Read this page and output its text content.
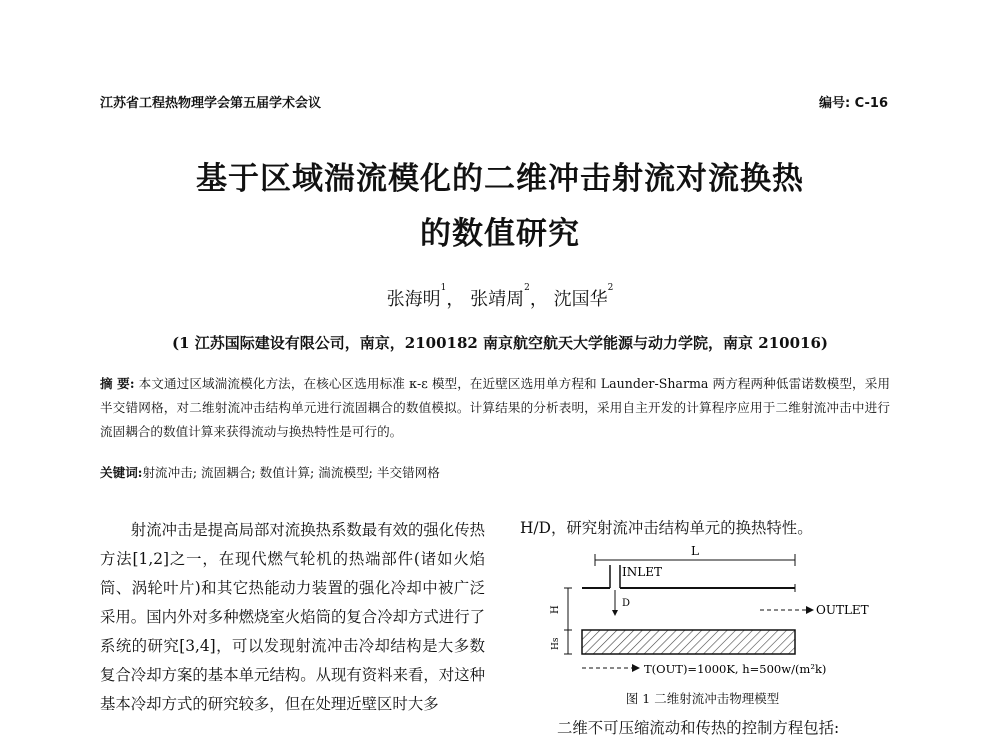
江苏省工程热物理学会第五届学术会议	编号: C-16
基于区域湍流模化的二维冲击射流对流换热
的数值研究
张海明$^1$， 张靖周$^2$， 沈国华$^2$
(1 江苏国际建设有限公司，南京，2100182 南京航空航天大学能源与动力学院，南京 210016)
摘 要: 本文通过区域湍流模化方法，在核心区选用标准 κ-ε 模型，在近壁区选用单方程和 Launder-Sharma 两方程两种低雷诺数模型，采用半交错网格，对二维射流冲击结构单元进行流固耦合的数值模拟。计算结果的分析表明，采用自主开发的计算程序应用于二维射流冲击中进行流固耦合的数值计算来获得流动与换热特性是可行的。
关键词:射流冲击; 流固耦合; 数值计算; 湍流模型; 半交错网格

射流冲击是提高局部对流换热系数最有效的强化传热方法[1,2]之一，在现代燃气轮机的热端部件(诸如火焰筒、涡轮叶片)和其它热能动力装置的强化冷却中被广泛采用。国内外对多种燃烧室火焰筒的复合冷却方式进行了系统的研究[3,4]，可以发现射流冲击冷却结构是大多数复合冷却方案的基本单元结构。从现有资料来看，对这种基本冷却方式的研究较多，但在处理近壁区时大多

H/D，研究射流冲击结构单元的换热特性。
L
INLET
D	OUTLET
H
Hs
T(OUT)=1000K, h=500w/(m²k)
图 1 二维射流冲击物理模型
二维不可压缩流动和传热的控制方程包括:
